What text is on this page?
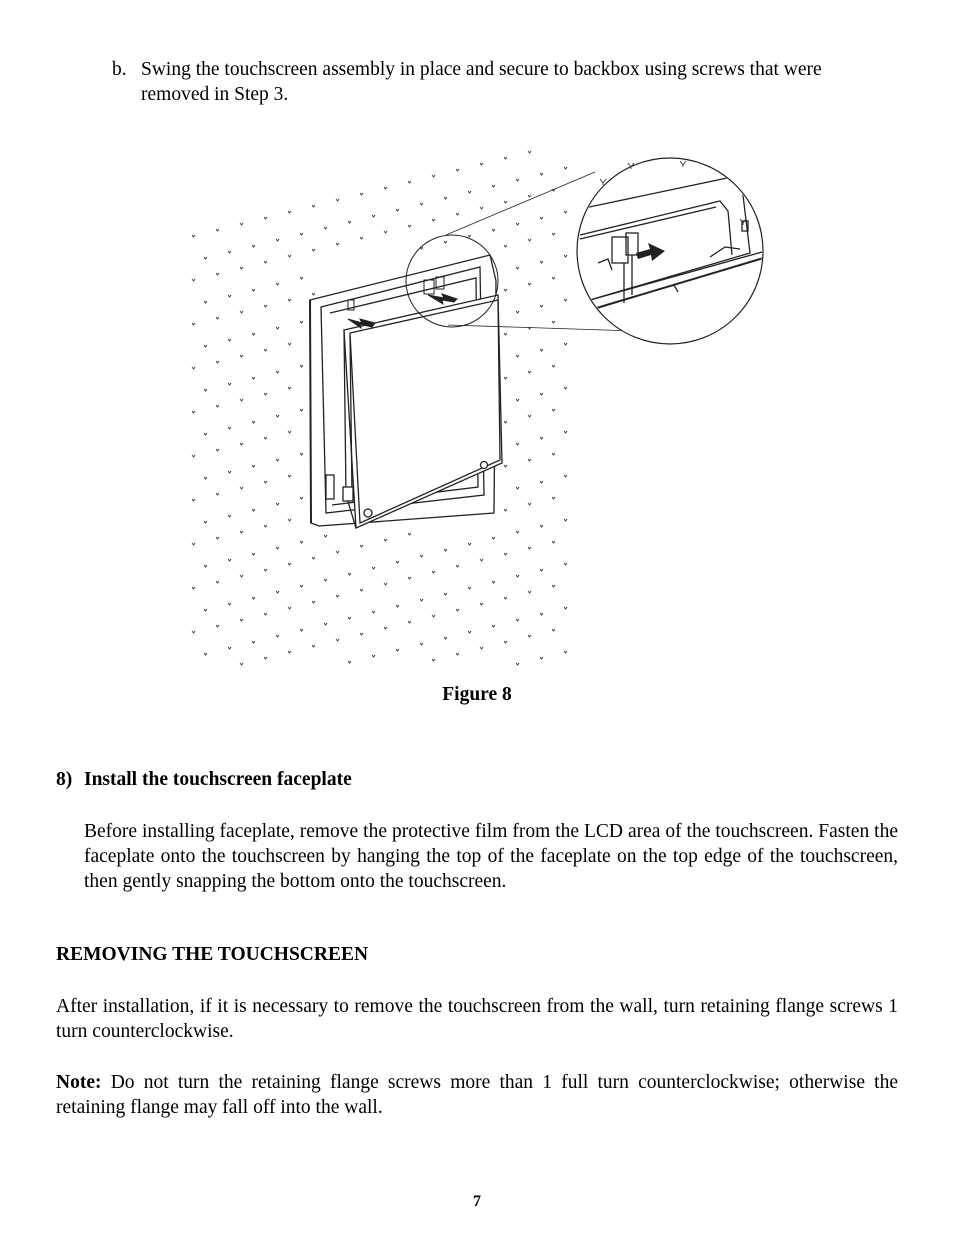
b. Swing the touchscreen assembly in place and secure to backbox using screws that were removed in Step 3.
Figure 8
8) Install the touchscreen faceplate
Before installing faceplate, remove the protective film from the LCD area of the touchscreen. Fasten the faceplate onto the touchscreen by hanging the top of the faceplate on the top edge of the touchscreen, then gently snapping the bottom onto the touchscreen.
REMOVING THE TOUCHSCREEN
After installation, if it is necessary to remove the touchscreen from the wall, turn retaining flange screws 1 turn counterclockwise.
Note: Do not turn the retaining flange screws more than 1 full turn counterclockwise; otherwise the retaining flange may fall off into the wall.
7
